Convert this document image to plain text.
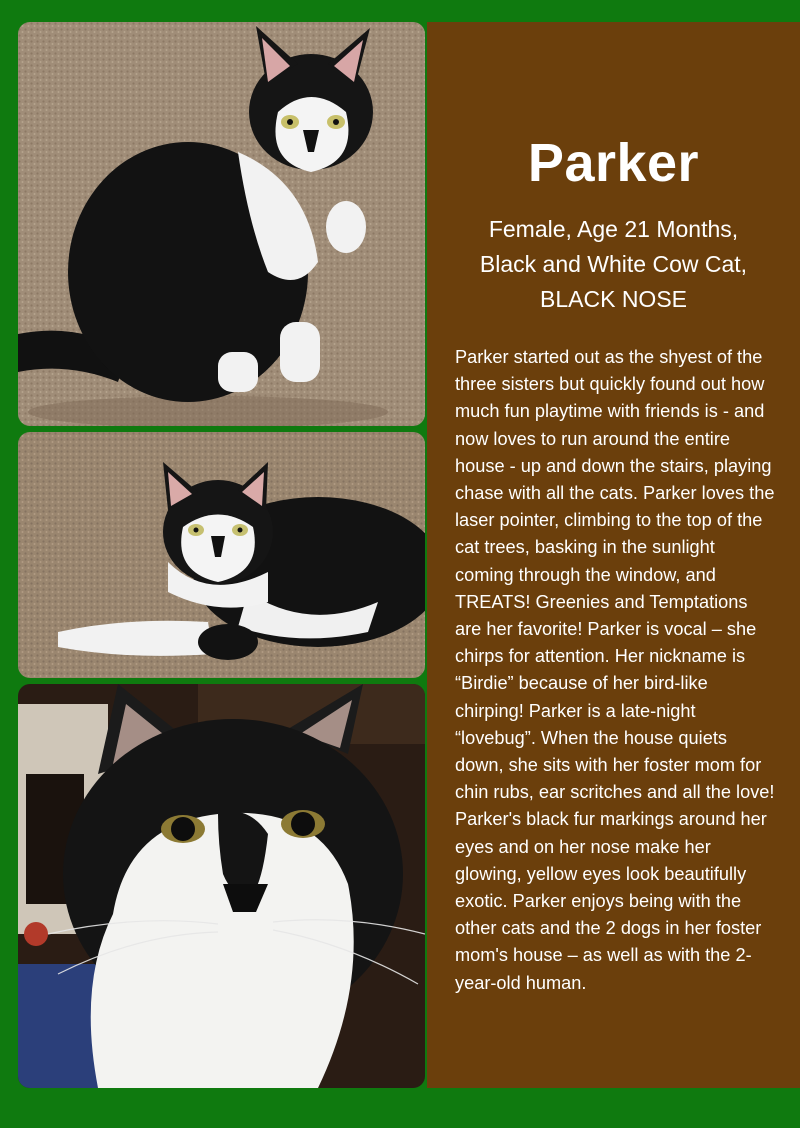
Parker
Female, Age 21 Months,
Black and White Cow Cat,
BLACK NOSE
Parker started out as the shyest of the three sisters but quickly found out how much fun playtime with friends is - and now loves to run around the entire house - up and down the stairs, playing chase with all the cats. Parker loves the laser pointer, climbing to the top of the cat trees, basking in the sunlight coming through the window, and TREATS! Greenies and Temptations are her favorite! Parker is vocal – she chirps for attention. Her nickname is “Birdie” because of her bird-like chirping! Parker is a late-night “lovebug”. When the house quiets down, she sits with her foster mom for chin rubs, ear scritches and all the love! Parker's black fur markings around her eyes and on her nose make her glowing, yellow eyes look beautifully exotic. Parker enjoys being with the other cats and the 2 dogs in her foster mom's house – as well as with the 2-year-old human.
